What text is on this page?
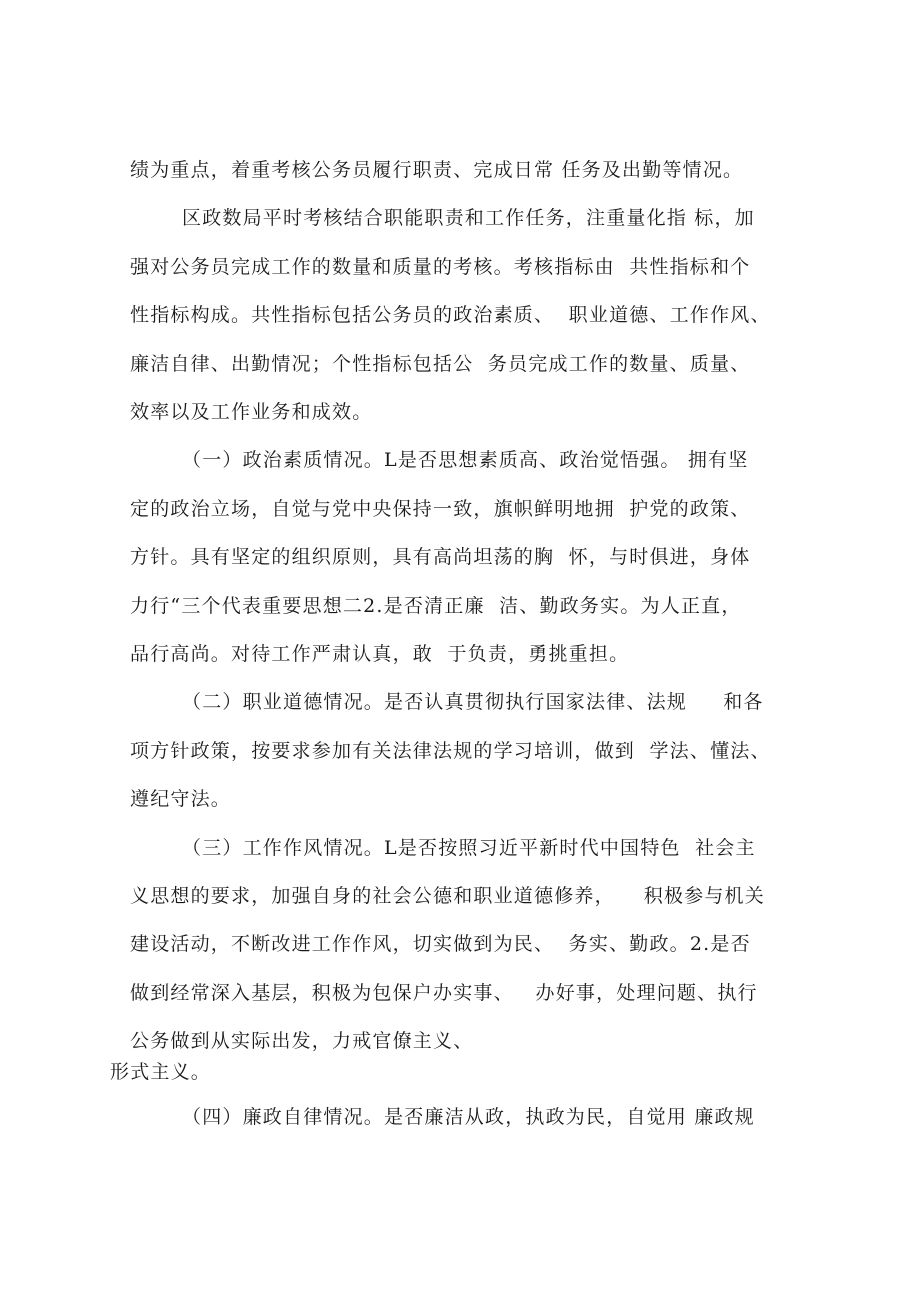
绩为重点，着重考核公务员履行职责、完成日常 任务及出勤等情况。
区政数局平时考核结合职能职责和工作任务，注重量化指 标，加
强对公务员完成工作的数量和质量的考核。考核指标由  共性指标和个
性指标构成。共性指标包括公务员的政治素质、  职业道德、工作作风、
廉洁自律、出勤情况；个性指标包括公  务员完成工作的数量、质量、
效率以及工作业务和成效。
（一）政治素质情况。L是否思想素质高、政治觉悟强。 拥有坚
定的政治立场，自觉与党中央保持一致，旗帜鲜明地拥  护党的政策、
方针。具有坚定的组织原则，具有高尚坦荡的胸  怀，与时俱进，身体
力行“三个代表重要思想二2.是否清正廉  洁、勤政务实。为人正直，
品行高尚。对待工作严肃认真，敢  于负责，勇挑重担。
（二）职业道德情况。是否认真贯彻执行国家法律、法规     和各
项方针政策，按要求参加有关法律法规的学习培训，做到  学法、懂法、
遵纪守法。
（三）工作作风情况。L是否按照习近平新时代中国特色  社会主
义思想的要求，加强自身的社会公德和职业道德修养，    积极参与机关
建设活动，不断改进工作作风，切实做到为民、  务实、勤政。2.是否
做到经常深入基层，积极为包保户办实事、   办好事，处理问题、执行
公务做到从实际出发，力戒官僚主义、
形式主义。
（四）廉政自律情况。是否廉洁从政，执政为民，自觉用 廉政规
